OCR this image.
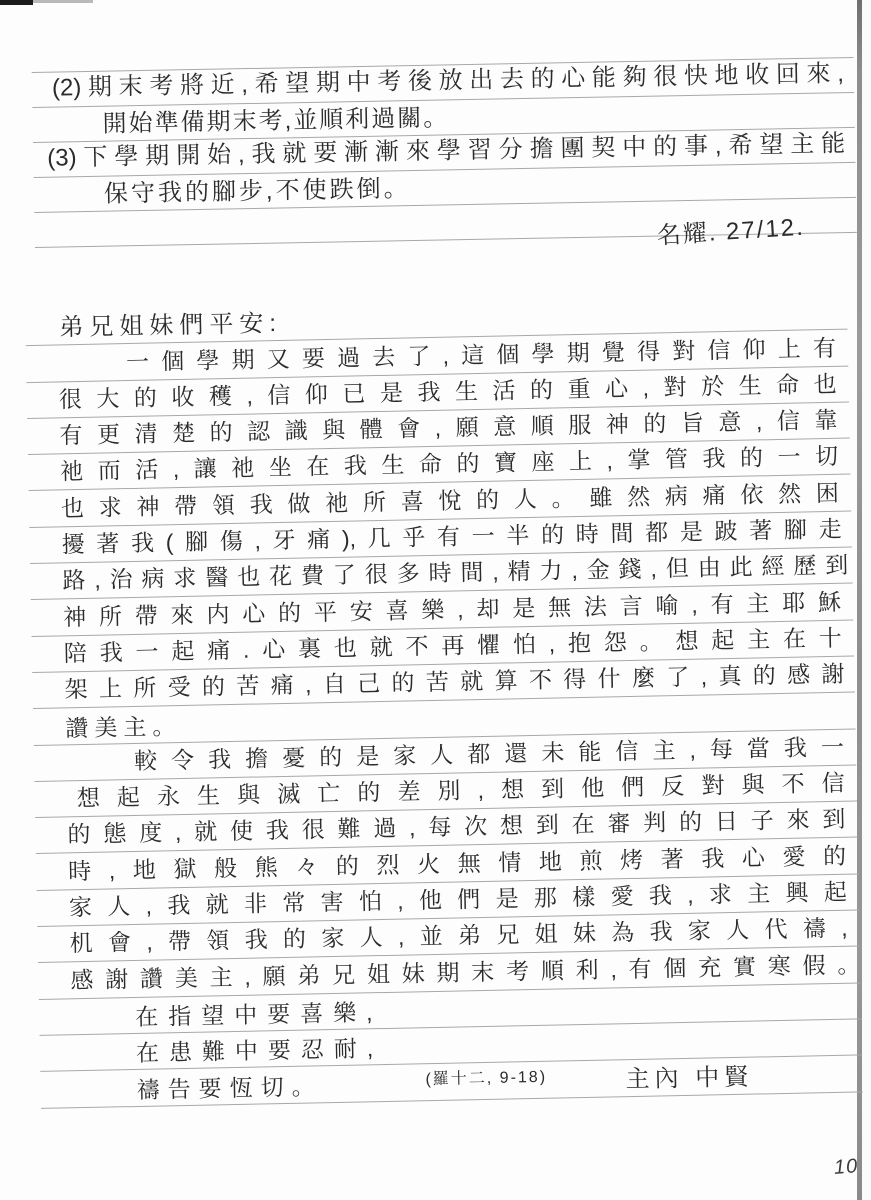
(2)期末考將近,希望期中考後放出去的心能夠很快地收回來,
開始準備期末考,並順利過關。
(3)下學期開始,我就要漸漸來學習分擔團契中的事,希望主能
保守我的腳步,不使跌倒。
名耀. 27/12.
弟兄姐妹們平安:
一個學期又要過去了,這個學期覺得對信仰上有
很大的收穫,信仰已是我生活的重心,對於生命也
有更清楚的認識與體會,願意順服神的旨意,信靠
祂而活,讓祂坐在我生命的寶座上,掌管我的一切
也求神帶領我做祂所喜悅的人。雖然病痛依然困
擾著我(腳傷,牙痛),几乎有一半的時間都是跛著腳走
路,治病求醫也花費了很多時間,精力,金錢,但由此經歷到
神所帶來内心的平安喜樂,却是無法言喻,有主耶穌
陪我一起痛.心裏也就不再懼怕,抱怨。想起主在十
架上所受的苦痛,自己的苦就算不得什麼了,真的感謝
讚美主。
較令我擔憂的是家人都還未能信主,每當我一
想起永生與滅亡的差別,想到他們反對與不信
的態度,就使我很難過,每次想到在審判的日子來到
時,地獄般熊々的烈火無情地煎烤著我心愛的
家人,我就非常害怕,他們是那樣愛我,求主興起
机會,帶領我的家人,並弟兄姐妹為我家人代禱,
感謝讚美主,願弟兄姐妹期末考順利,有個充實寒假。
在指望中要喜樂,
在患難中要忍耐,
禱告要恆切。	(羅十二, 9-18)	主內 中賢
10
